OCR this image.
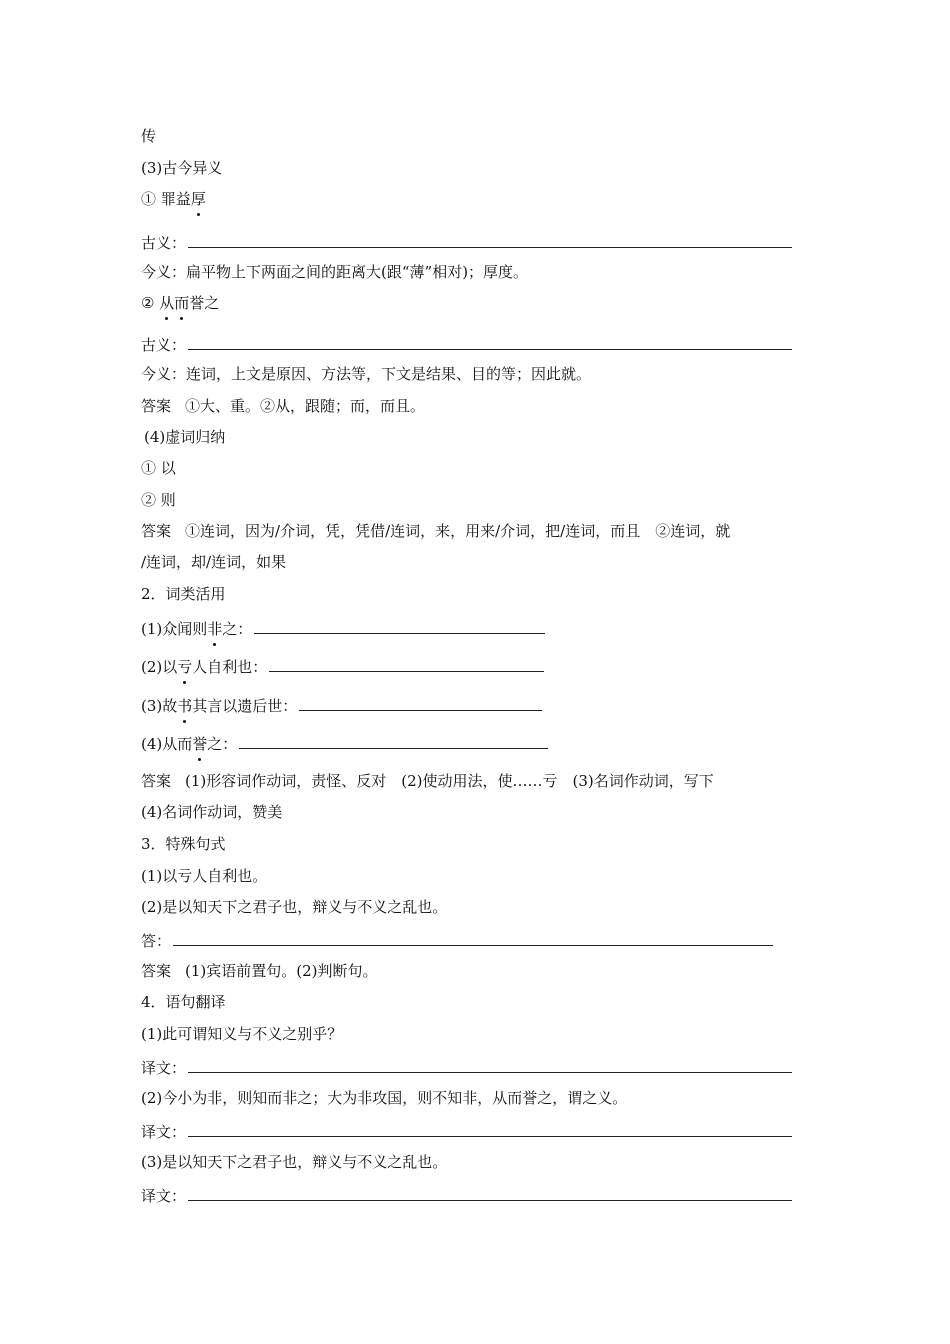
传
(3)古今异义
① 罪益厚
古义：
今义：扁平物上下两面之间的距离大(跟“薄”相对)；厚度。
② 从而誉之
古义：
今义：连词，上文是原因、方法等，下文是结果、目的等；因此就。
答案 ①大、重。②从，跟随；而，而且。
(4)虚词归纳
① 以
② 则
答案 ①连词，因为/介词，凭，凭借/连词，来，用来/介词，把/连词，而且　②连词，就
/连词，却/连词，如果
2．词类活用
(1)众闻则非之：
(2)以亏人自利也：
(3)故书其言以遗后世：
(4)从而誉之：
答案 (1)形容词作动词，责怪、反对　(2)使动用法，使……亏　(3)名词作动词，写下
(4)名词作动词，赞美
3．特殊句式
(1)以亏人自利也。
(2)是以知天下之君子也，辩义与不义之乱也。
答：
答案 (1)宾语前置句。(2)判断句。
4．语句翻译
(1)此可谓知义与不义之别乎？
译文：
(2)今小为非，则知而非之；大为非攻国，则不知非，从而誉之，谓之义。
译文：
(3)是以知天下之君子也，辩义与不义之乱也。
译文：
